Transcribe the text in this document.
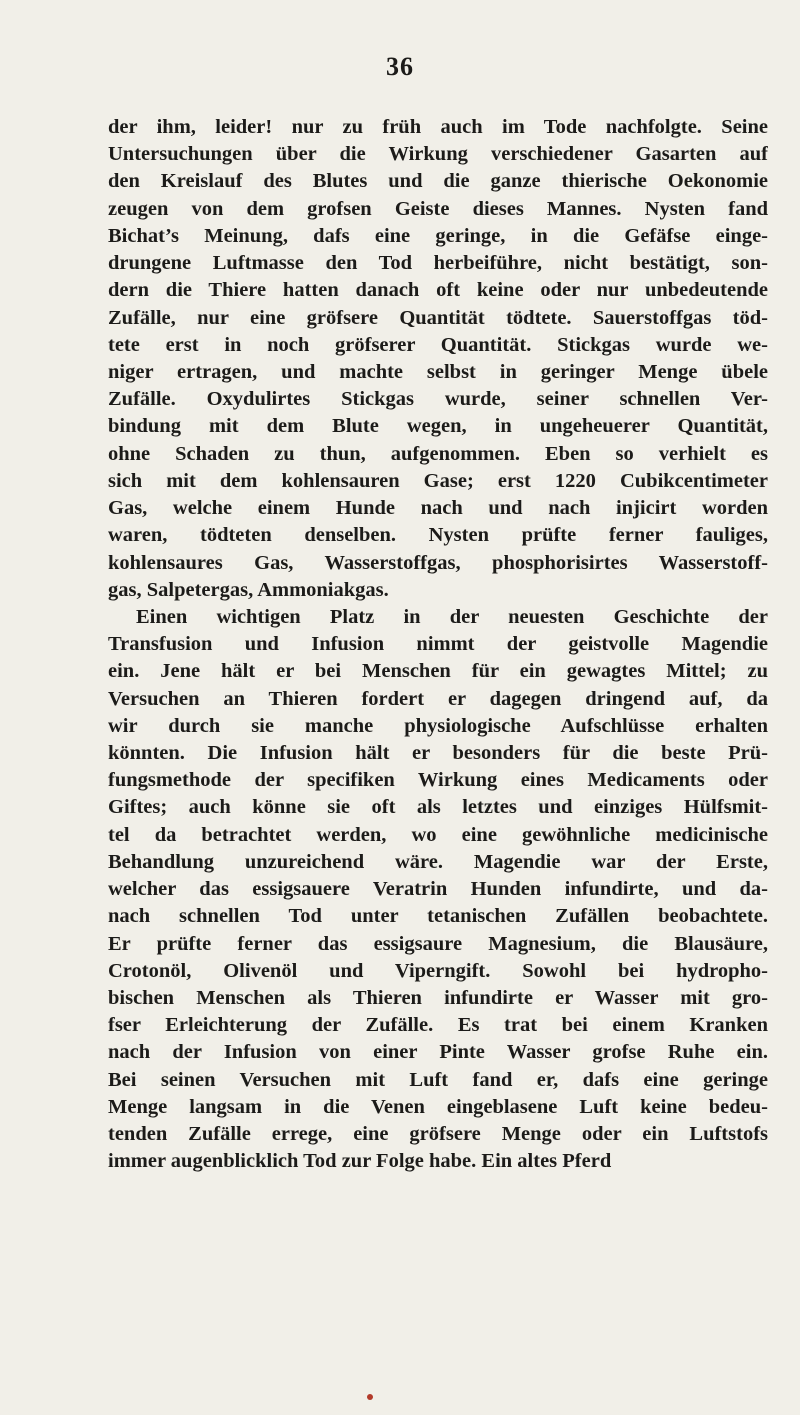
36
der ihm, leider! nur zu früh auch im Tode nachfolgte. Seine
Untersuchungen über die Wirkung verschiedener Gasarten auf
den Kreislauf des Blutes und die ganze thierische Oekonomie
zeugen von dem grofsen Geiste dieses Mannes. Nysten fand
Bichat’s Meinung, dafs eine geringe, in die Gefäfse einge-
drungene Luftmasse den Tod herbeiführe, nicht bestätigt, son-
dern die Thiere hatten danach oft keine oder nur unbedeutende
Zufälle, nur eine gröfsere Quantität tödtete. Sauerstoffgas töd-
tete erst in noch gröfserer Quantität. Stickgas wurde we-
niger ertragen, und machte selbst in geringer Menge übele
Zufälle. Oxydulirtes Stickgas wurde, seiner schnellen Ver-
bindung mit dem Blute wegen, in ungeheuerer Quantität,
ohne Schaden zu thun, aufgenommen. Eben so verhielt es
sich mit dem kohlensauren Gase; erst 1220 Cubikcentimeter
Gas, welche einem Hunde nach und nach injicirt worden
waren, tödteten denselben. Nysten prüfte ferner fauliges,
kohlensaures Gas, Wasserstoffgas, phosphorisirtes Wasserstoff-
gas, Salpetergas, Ammoniakgas.
Einen wichtigen Platz in der neuesten Geschichte der
Transfusion und Infusion nimmt der geistvolle Magendie
ein. Jene hält er bei Menschen für ein gewagtes Mittel; zu
Versuchen an Thieren fordert er dagegen dringend auf, da
wir durch sie manche physiologische Aufschlüsse erhalten
könnten. Die Infusion hält er besonders für die beste Prü-
fungsmethode der specifiken Wirkung eines Medicaments oder
Giftes; auch könne sie oft als letztes und einziges Hülfsmit-
tel da betrachtet werden, wo eine gewöhnliche medicinische
Behandlung unzureichend wäre. Magendie war der Erste,
welcher das essigsauere Veratrin Hunden infundirte, und da-
nach schnellen Tod unter tetanischen Zufällen beobachtete.
Er prüfte ferner das essigsaure Magnesium, die Blausäure,
Crotonöl, Olivenöl und Viperngift. Sowohl bei hydropho-
bischen Menschen als Thieren infundirte er Wasser mit gro-
fser Erleichterung der Zufälle. Es trat bei einem Kranken
nach der Infusion von einer Pinte Wasser grofse Ruhe ein.
Bei seinen Versuchen mit Luft fand er, dafs eine geringe
Menge langsam in die Venen eingeblasene Luft keine bedeu-
tenden Zufälle errege, eine gröfsere Menge oder ein Luftstofs
immer augenblicklich Tod zur Folge habe. Ein altes Pferd
